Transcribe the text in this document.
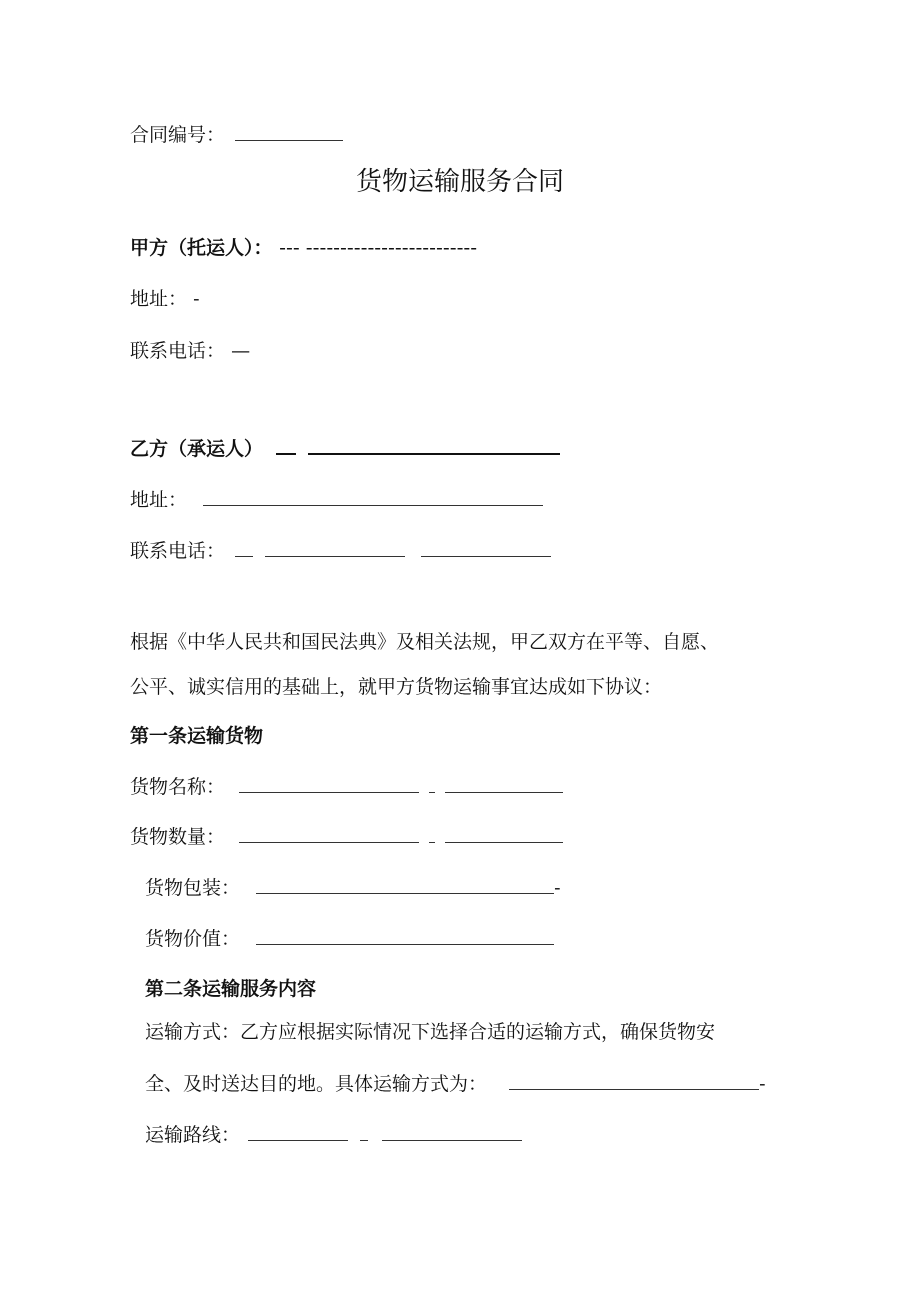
合同编号：
货物运输服务合同
甲方（托运人）： --- -------------------------
地址： -
联系电话： —
乙方（承运人）
地址：
联系电话：
根据《中华人民共和国民法典》及相关法规，甲乙双方在平等、自愿、
公平、诚实信用的基础上，就甲方货物运输事宜达成如下协议：
第一条运输货物
货物名称：
货物数量：
货物包装：	-
货物价值：
第二条运输服务内容
运输方式：乙方应根据实际情况下选择合适的运输方式，确保货物安
全、及时送达目的地。具体运输方式为：	-
运输路线：
